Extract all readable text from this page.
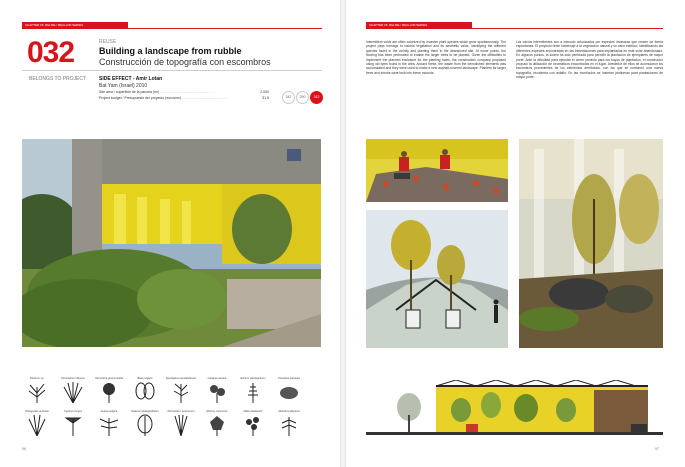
CHAPTER 05. REUSE / RECLAIM SERIES
032	REUSE
Building a landscape from rubble
Construcción de topografía con escombros
BELONGS TO PROJECT: SIDE EFFECT - Amir Lotan
Bat Yam (Israel) 2010
Site area / superficie de la parcela (m²) ........................................................	2.000
Project budget / Presupuesto del proyecto (euros/m²) ..............................................	31.5	242	290	312
Panicum sp.	Pennisetum villosum	Oenothera grammonella	Beta vulgaris	Eucalyptus camaldulensis	Lantana camara	Echium plantagineum	Portulaca oleracea
Phragmites australis	Cyperus longus	Acacia saligna	Solanum elaeagnifolium	Pennisetum purpureum	Ricinus communis	Melia azedarach	Ailanthus altissima
96
CHAPTER 05. REUSE / RECLAIM SERIES
Intermittent voids are often colonized by invasive plant species which grow spontaneously. The project pays homage to natural vegetation and its aesthetic value, identifying the different species found in the vicinity and planting them in the abandoned site. At some points, the flooring has been perforated to enable the larger trees to be planted. Given the difficulties to implement the planned enclosure for the planting holes, the construction company proposed using old tyres found in the area. Around these, the waste from the demolished elements was accumulated and they were used to make a new asphalt-covered landscape. Planters for larger trees and shrubs were built into these mounds.
Los vacíos intermitentes son a menudo colonizados por especies invasoras que crecen de forma espontánea. El proyecto rinde homenaje a la vegetación natural y su valor estético, identificando las diferentes especies encontradas en las inmediaciones para implantarlas en este solar abandonado. En algunos puntos, la solera ha sido perforada para permitir la plantación de ejemplares de mayor porte. Ante la dificultad para ejecutar el cierre previsto para los hoyos de plantación, el constructor propuso la utilización de neumáticos encontrados en el lugar. Alrededor de ellos se acumularon los escombros procedentes de los elementos derribados, con los que se conformó una nueva topografía, recubierta con asfalto. En las montículos se insertan jardineras para plantaciones de mayor porte.
97
